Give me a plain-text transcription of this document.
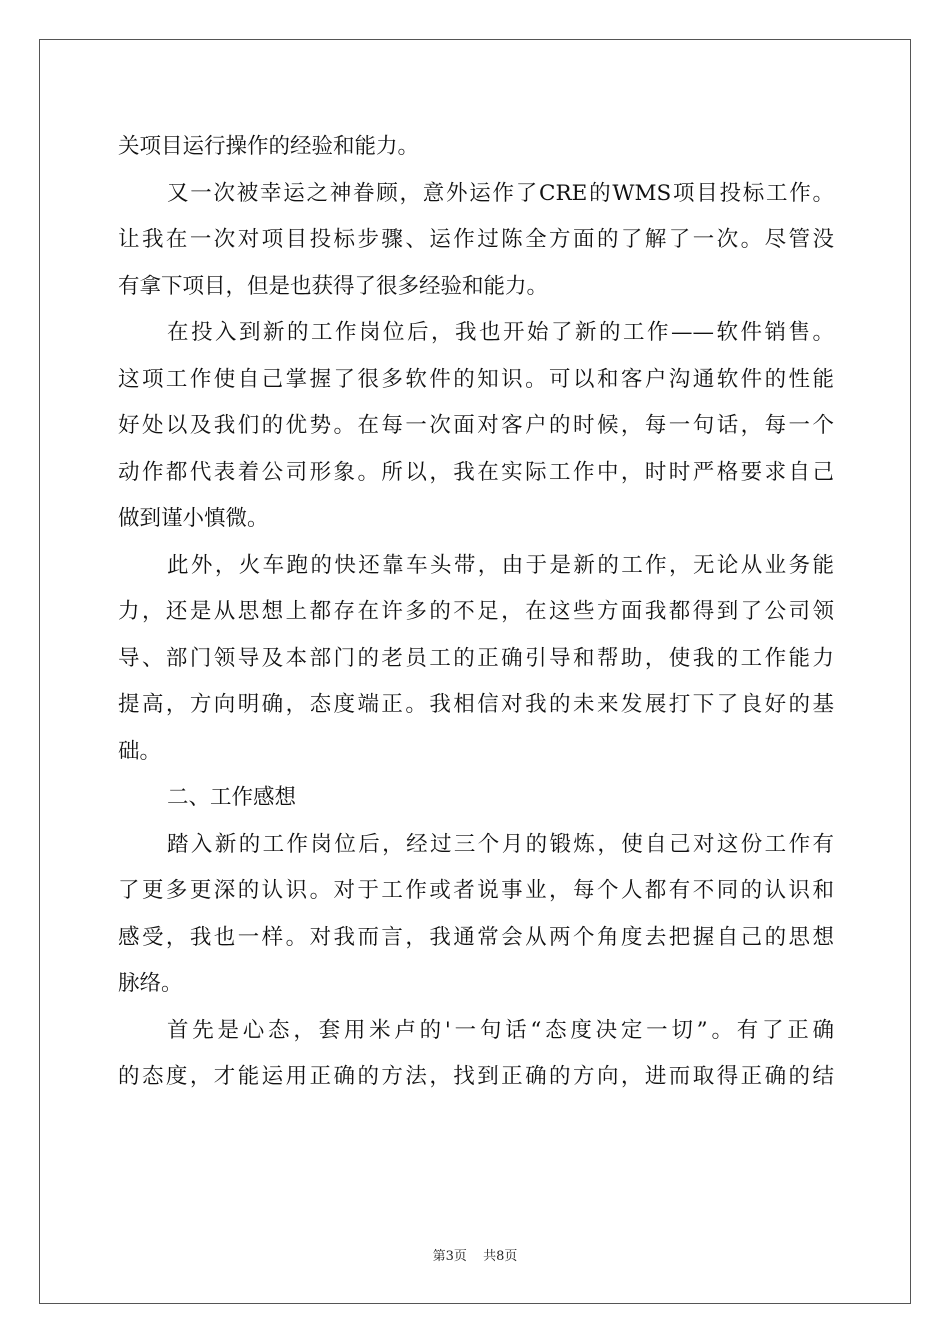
关项目运行操作的经验和能力。
又一次被幸运之神眷顾，意外运作了CRE的WMS项目投标工作。
让我在一次对项目投标步骤、运作过陈全方面的了解了一次。尽管没
有拿下项目，但是也获得了很多经验和能力。
在投入到新的工作岗位后，我也开始了新的工作——软件销售。
这项工作使自己掌握了很多软件的知识。可以和客户沟通软件的性能
好处以及我们的优势。在每一次面对客户的时候，每一句话，每一个
动作都代表着公司形象。所以，我在实际工作中，时时严格要求自己
做到谨小慎微。
此外，火车跑的快还靠车头带，由于是新的工作，无论从业务能
力，还是从思想上都存在许多的不足，在这些方面我都得到了公司领
导、部门领导及本部门的老员工的正确引导和帮助，使我的工作能力
提高，方向明确，态度端正。我相信对我的未来发展打下了良好的基
础。
二、工作感想
踏入新的工作岗位后，经过三个月的锻炼，使自己对这份工作有
了更多更深的认识。对于工作或者说事业，每个人都有不同的认识和
感受，我也一样。对我而言，我通常会从两个角度去把握自己的思想
脉络。
首先是心态，套用米卢的'一句话“态度决定一切”。有了正确
的态度，才能运用正确的方法，找到正确的方向，进而取得正确的结
第3页 共8页
